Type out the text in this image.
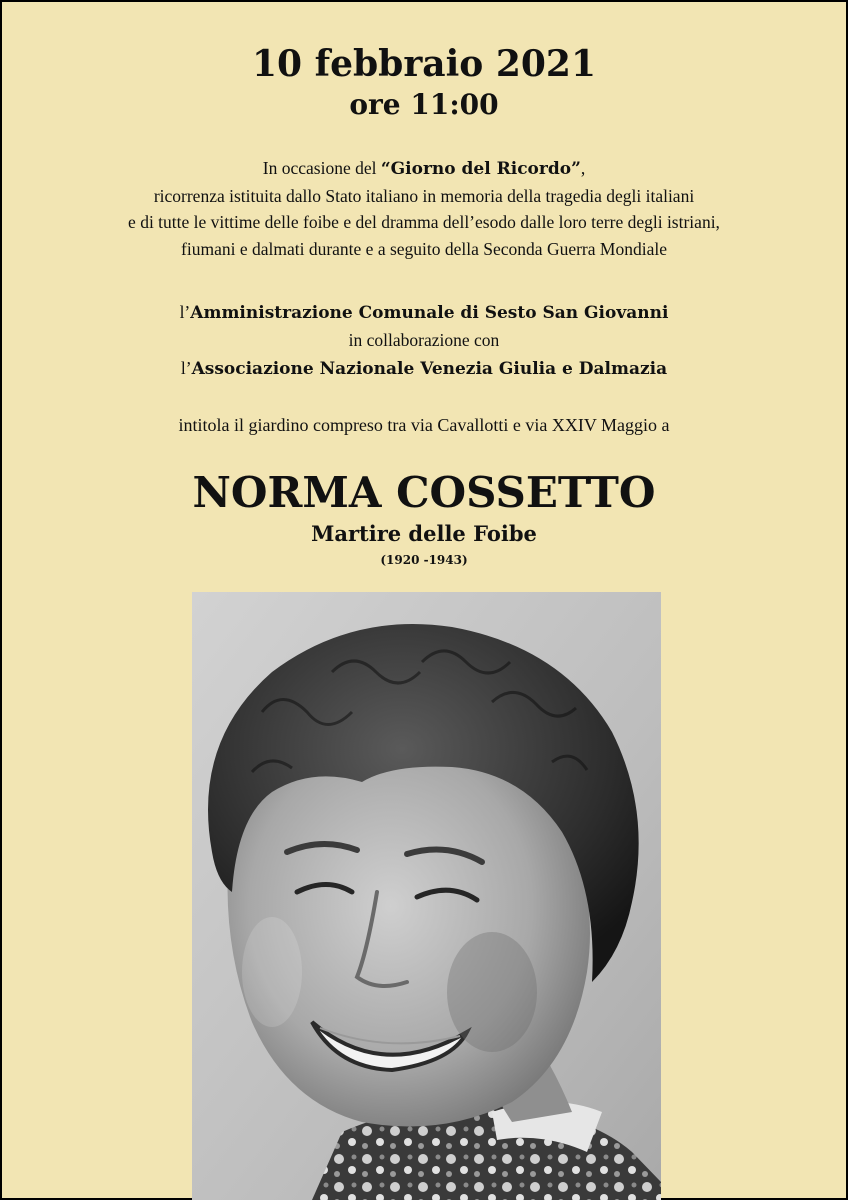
10 febbraio 2021
ore 11:00
In occasione del “Giorno del Ricordo”,
ricorrenza istituita dallo Stato italiano in memoria della tragedia degli italiani
e di tutte le vittime delle foibe e del dramma dell’esodo dalle loro terre degli istriani,
fiumani e dalmati durante e a seguito della Seconda Guerra Mondiale
l’Amministrazione Comunale di Sesto San Giovanni
in collaborazione con
l’Associazione Nazionale Venezia Giulia e Dalmazia
intitola il giardino compreso tra via Cavallotti e via XXIV Maggio a
NORMA COSSETTO
Martire delle Foibe
(1920 -1943)
